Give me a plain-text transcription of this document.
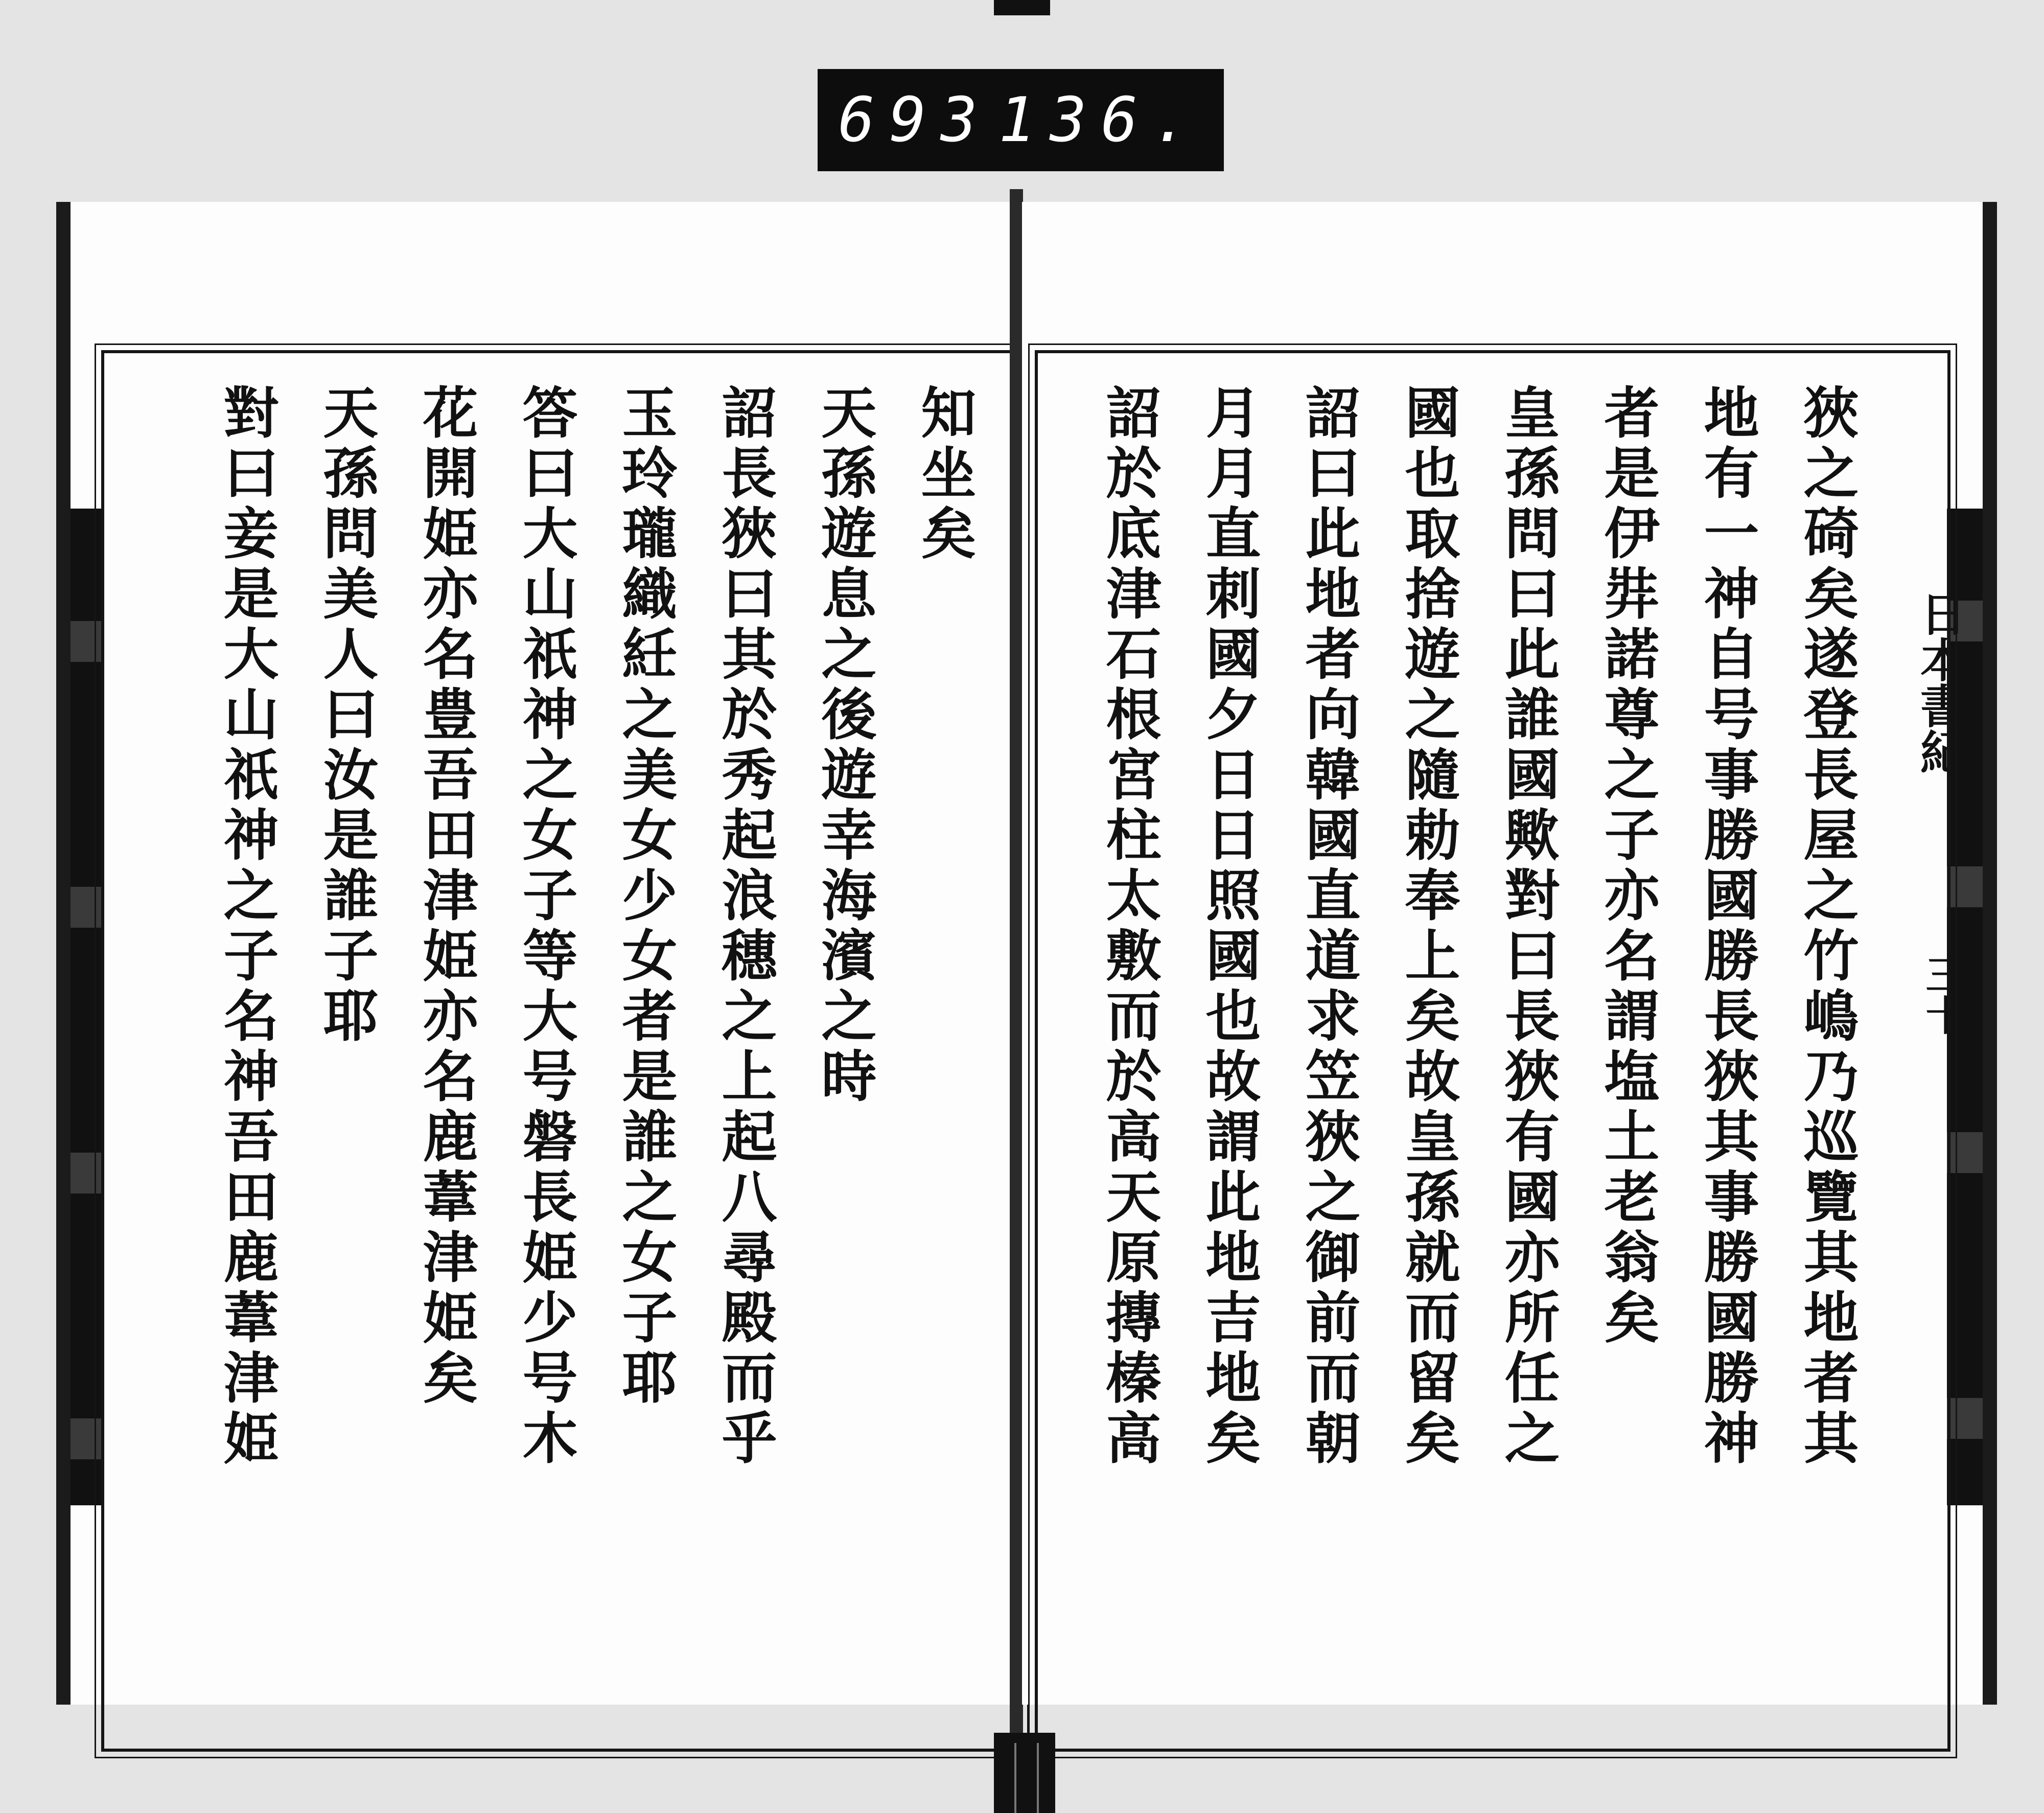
693 136.
知坐矣
天孫遊息之後遊幸海濱之時
詔長狹曰其於秀起浪穗之上起八尋殿而乎
玉玲瓏織紝之美女少女者是誰之女子耶
答曰大山祇神之女子等大号磐長姫少号木
花開姫亦名豊吾田津姫亦名鹿葦津姫矣
天孫問美人曰汝是誰子耶
對曰妾是大山祇神之子名神吾田鹿葦津姫	日本書紀
三十
狹之碕矣遂登長屋之竹嶋乃巡覽其地者其
地有一神自号事勝國勝長狹其事勝國勝神
者是伊弉諾尊之子亦名謂塩土老翁矣
皇孫問曰此誰國歟對曰長狹有國亦所任之
國也取捨遊之隨勅奉上矣故皇孫就而留矣
詔曰此地者向韓國直道求笠狹之御前而朝
月月直刺國夕日日照國也故謂此地吉地矣
詔於底津石根宮柱太敷而於高天原摶榛高
